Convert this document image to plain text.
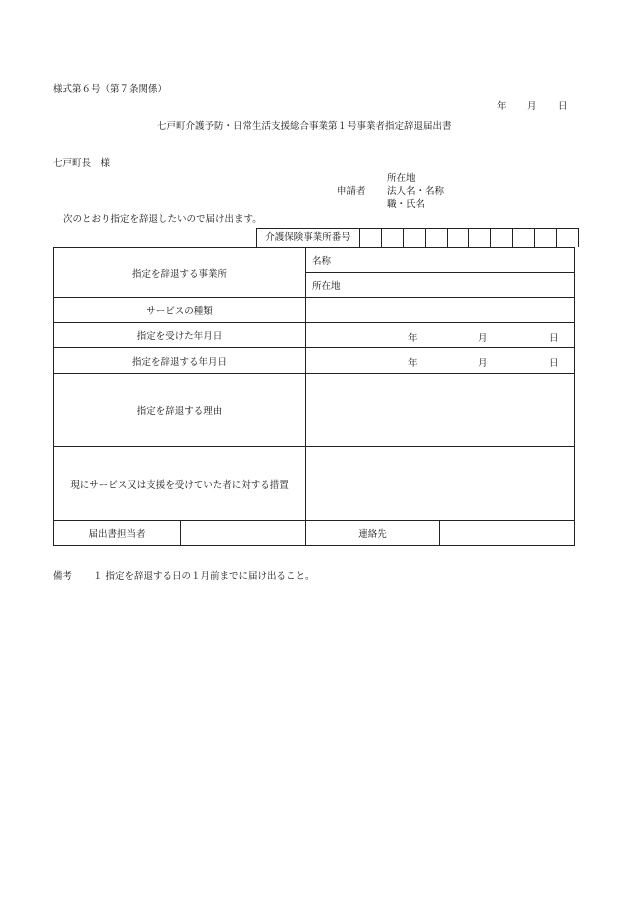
様式第６号（第７条関係）
年 月 日
七戸町介護予防・日常生活支援総合事業第１号事業者指定辞退届出書
七戸町長　様
所在地
申請者 法人名・名称
職・氏名
次のとおり指定を辞退したいので届け出ます。
介護保険事業所番号
指定を辞退する事業所		名称	
		所在地	
サービスの種類			
指定を受けた年月日		年 月 日	

指定を辞退する年月日		年 月 日	

指定を辞退する理由			
現にサービス又は支援を受けていた者に対する措置			
届出書担当者		連絡先	
備考 １ 指定を辞退する日の１月前までに届け出ること。
